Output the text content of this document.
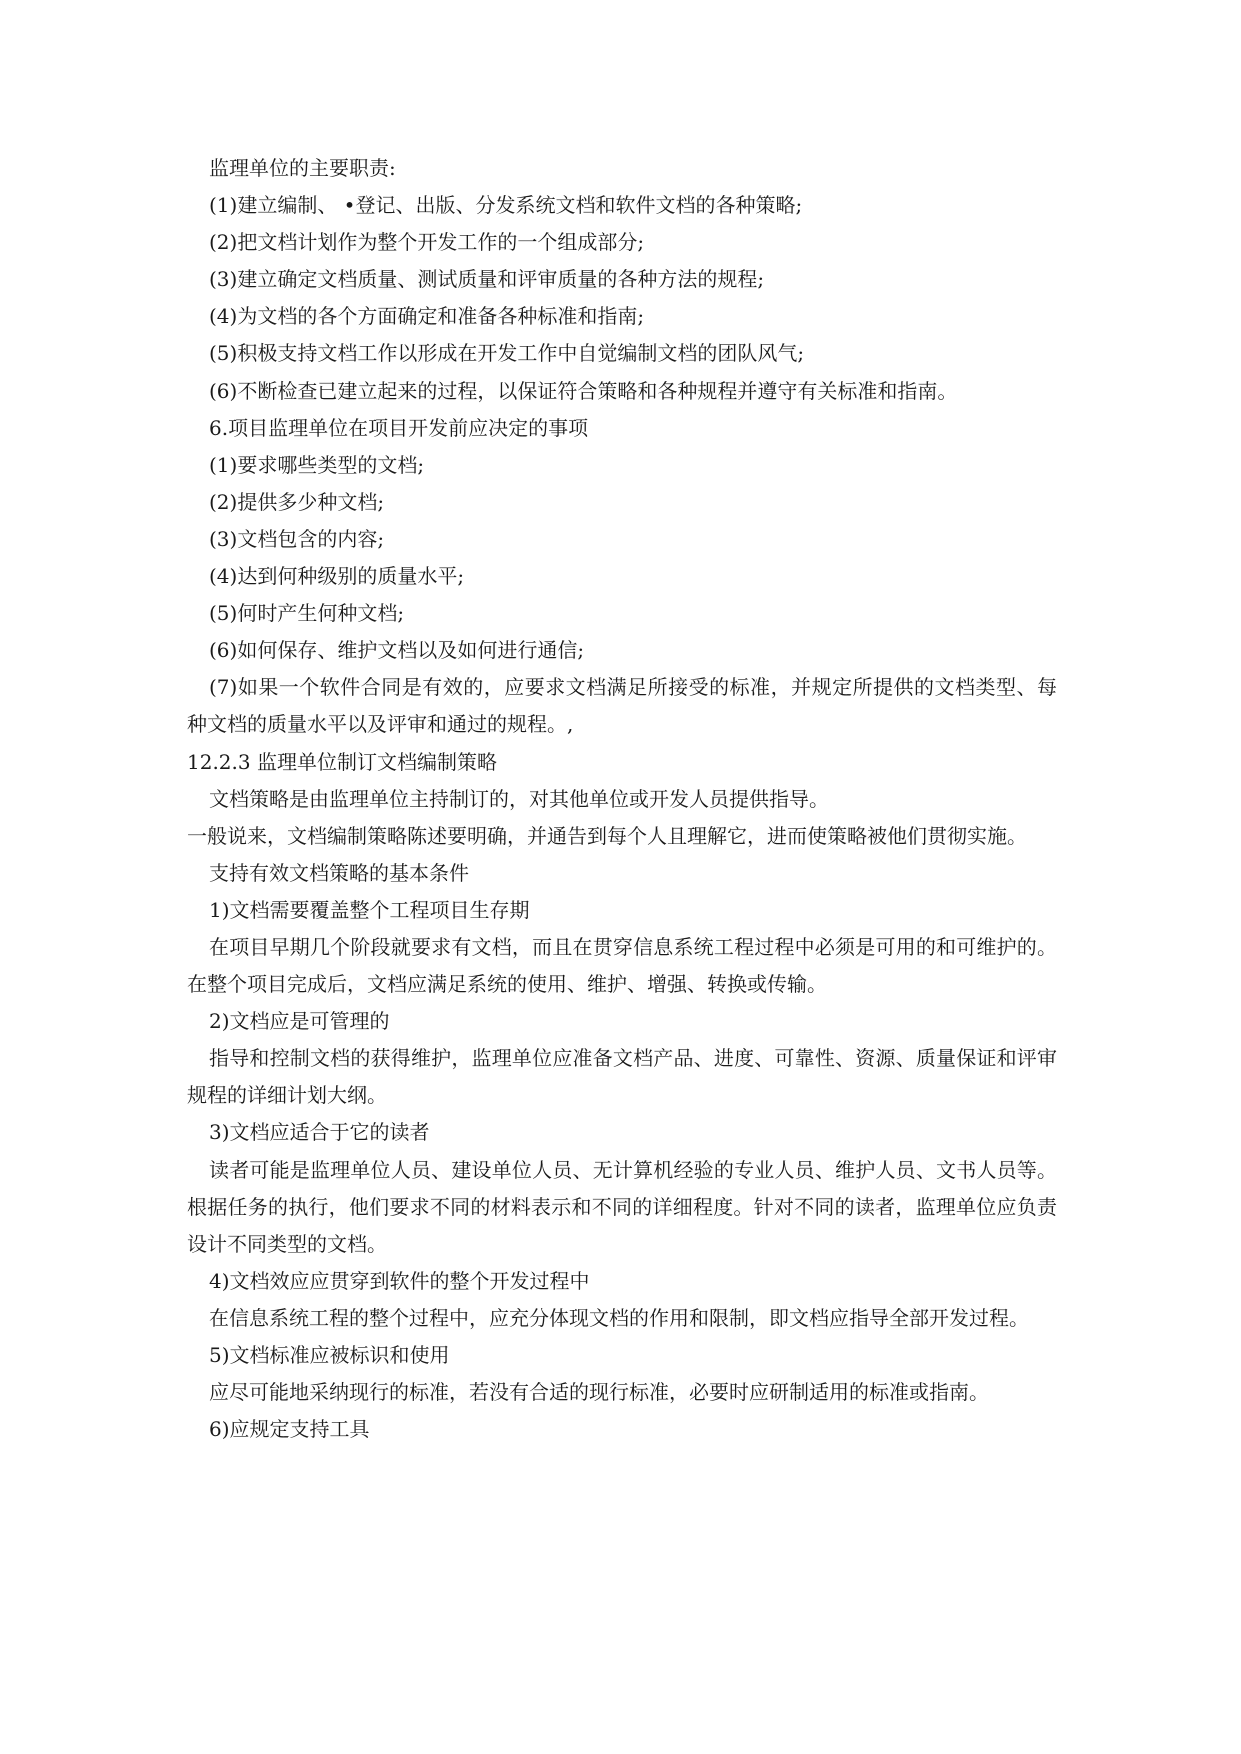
监理单位的主要职责:

(1)建立编制、 •登记、出版、分发系统文档和软件文档的各种策略;

(2)把文档计划作为整个开发工作的一个组成部分;

(3)建立确定文档质量、测试质量和评审质量的各种方法的规程;

(4)为文档的各个方面确定和准备各种标准和指南;

(5)积极支持文档工作以形成在开发工作中自觉编制文档的团队风气;

(6)不断检查已建立起来的过程，以保证符合策略和各种规程并遵守有关标准和指南。

6.项目监理单位在项目开发前应决定的事项

(1)要求哪些类型的文档;

(2)提供多少种文档;

(3)文档包含的内容;

(4)达到何种级别的质量水平;

(5)何时产生何种文档;

(6)如何保存、维护文档以及如何进行通信;

(7)如果一个软件合同是有效的，应要求文档满足所接受的标准，并规定所提供的文档类型、每种文档的质量水平以及评审和通过的规程。,

12.2.3 监理单位制订文档编制策略

文档策略是由监理单位主持制订的，对其他单位或开发人员提供指导。

一般说来，文档编制策略陈述要明确，并通告到每个人且理解它，进而使策略被他们贯彻实施。

支持有效文档策略的基本条件

1)文档需要覆盖整个工程项目生存期

在项目早期几个阶段就要求有文档，而且在贯穿信息系统工程过程中必须是可用的和可维护的。在整个项目完成后，文档应满足系统的使用、维护、增强、转换或传输。

2)文档应是可管理的

指导和控制文档的获得维护，监理单位应准备文档产品、进度、可靠性、资源、质量保证和评审规程的详细计划大纲。

3)文档应适合于它的读者

读者可能是监理单位人员、建设单位人员、无计算机经验的专业人员、维护人员、文书人员等。根据任务的执行，他们要求不同的材料表示和不同的详细程度。针对不同的读者，监理单位应负责设计不同类型的文档。

4)文档效应应贯穿到软件的整个开发过程中

在信息系统工程的整个过程中，应充分体现文档的作用和限制，即文档应指导全部开发过程。

5)文档标准应被标识和使用

应尽可能地采纳现行的标准，若没有合适的现行标准，必要时应研制适用的标准或指南。

6)应规定支持工具
